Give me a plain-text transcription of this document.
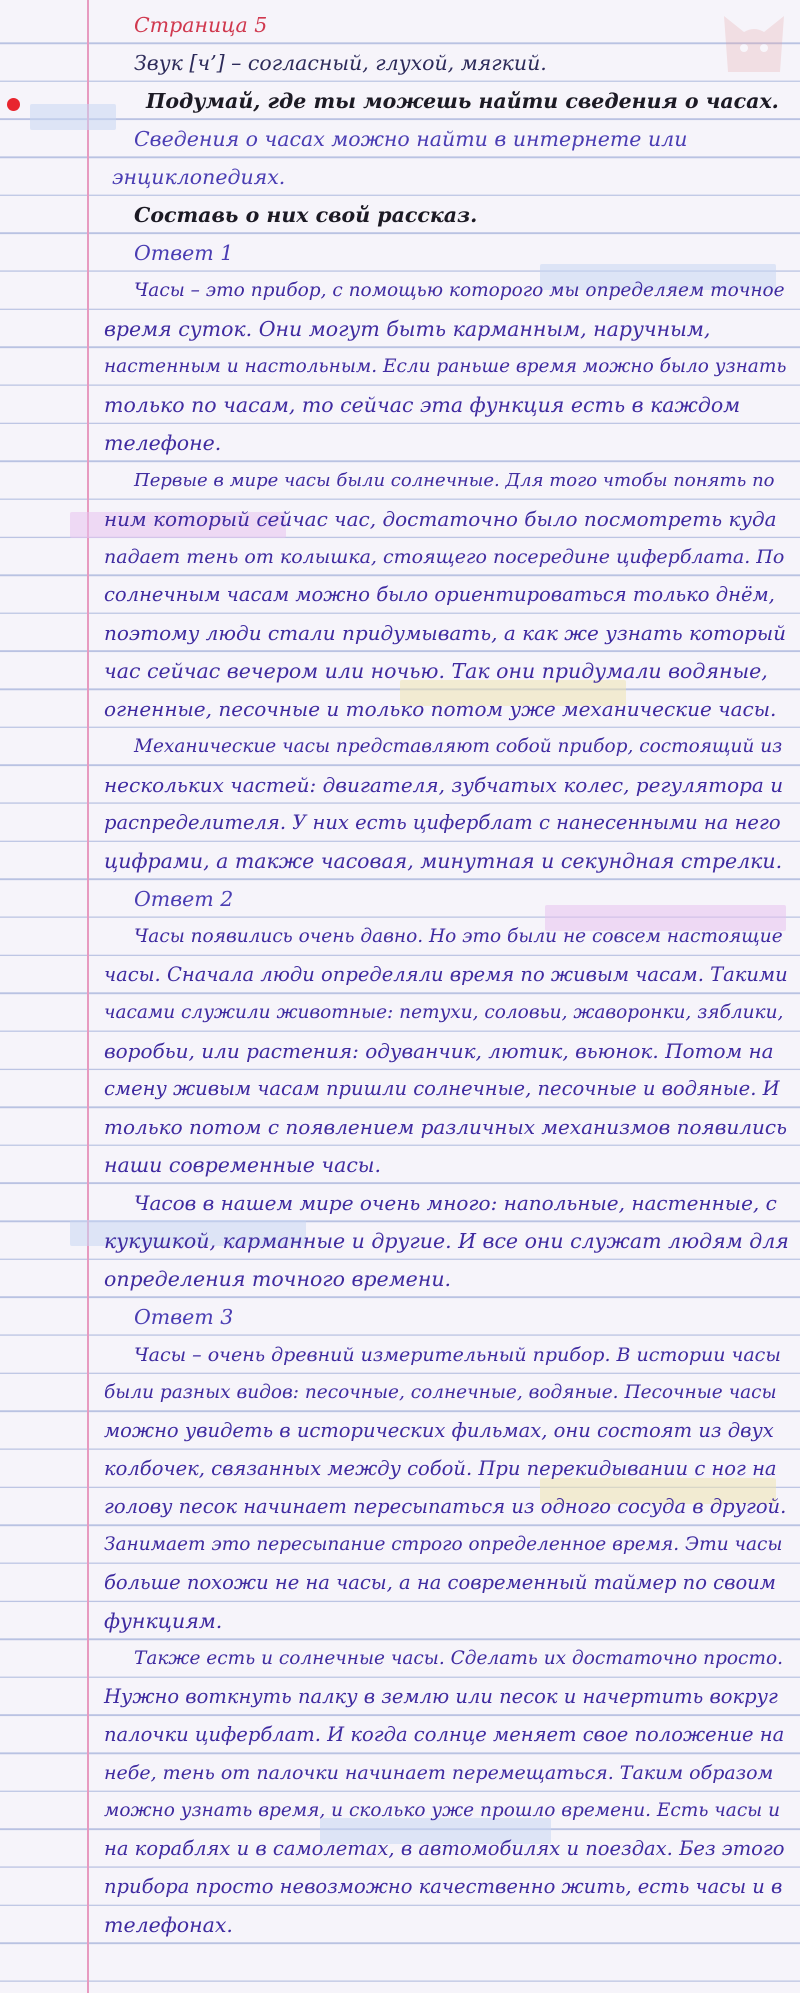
Страница 5
Звук [ч’] – согласный, глухой, мягкий.
Подумай, где ты можешь найти сведения о часах.
Сведения о часах можно найти в интернете или
энциклопедиях.
Составь о них свой рассказ.
Ответ 1
Часы – это прибор, с помощью которого мы определяем точное
время суток. Они могут быть карманным, наручным,
настенным и настольным. Если раньше время можно было узнать
только по часам, то сейчас эта функция есть в каждом
телефоне.
Первые в мире часы были солнечные. Для того чтобы понять по
ним который сейчас час, достаточно было посмотреть куда
падает тень от колышка, стоящего посередине циферблата. По
солнечным часам можно было ориентироваться только днём,
поэтому люди стали придумывать, а как же узнать который
час сейчас вечером или ночью. Так они придумали водяные,
огненные, песочные и только потом уже механические часы.
Механические часы представляют собой прибор, состоящий из
нескольких частей: двигателя, зубчатых колес, регулятора и
распределителя. У них есть циферблат с нанесенными на него
цифрами, а также часовая, минутная и секундная стрелки.
Ответ 2
Часы появились очень давно. Но это были не совсем настоящие
часы. Сначала люди определяли время по живым часам. Такими
часами служили животные: петухи, соловьи, жаворонки, зяблики,
воробьи, или растения: одуванчик, лютик, вьюнок. Потом на
смену живым часам пришли солнечные, песочные и водяные. И
только потом с появлением различных механизмов появились
наши современные часы.
Часов в нашем мире очень много: напольные, настенные, с
кукушкой, карманные и другие. И все они служат людям для
определения точного времени.
Ответ 3
Часы – очень древний измерительный прибор. В истории часы
были разных видов: песочные, солнечные, водяные. Песочные часы
можно увидеть в исторических фильмах, они состоят из двух
колбочек, связанных между собой. При перекидывании с ног на
голову песок начинает пересыпаться из одного сосуда в другой.
Занимает это пересыпание строго определенное время. Эти часы
больше похожи не на часы, а на современный таймер по своим
функциям.
Также есть и солнечные часы. Сделать их достаточно просто.
Нужно воткнуть палку в землю или песок и начертить вокруг
палочки циферблат. И когда солнце меняет свое положение на
небе, тень от палочки начинает перемещаться. Таким образом
можно узнать время, и сколько уже прошло времени. Есть часы и
на кораблях и в самолетах, в автомобилях и поездах. Без этого
прибора просто невозможно качественно жить, есть часы и в
телефонах.
